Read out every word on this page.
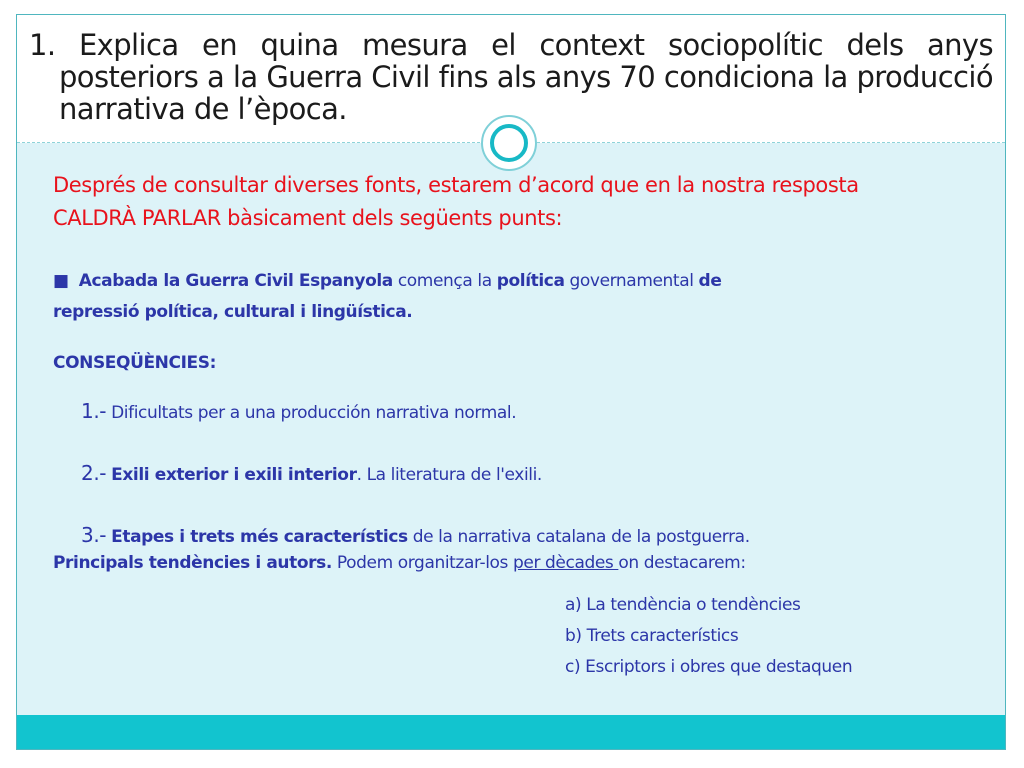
1. Explica en quina mesura el context sociopolític dels anys posteriors a la Guerra Civil fins als anys 70 condiciona la producció narrativa de l’època.
Després de consultar diverses fonts, estarem d’acord que en la nostra resposta
CALDRÀ PARLAR bàsicament dels següents punts:
■ Acabada la Guerra Civil Espanyola comença la política governamental de
repressió política, cultural i lingüística.
CONSEQÜÈNCIES:
1.- Dificultats per a una producción narrativa normal.
2.- Exili exterior i exili interior. La literatura de l'exili.
3.- Etapes i trets més característics de la narrativa catalana de la postguerra.
Principals tendències i autors. Podem organitzar-los per dècades on destacarem:
a) La tendència o tendències
b) Trets característics
c) Escriptors i obres que destaquen
